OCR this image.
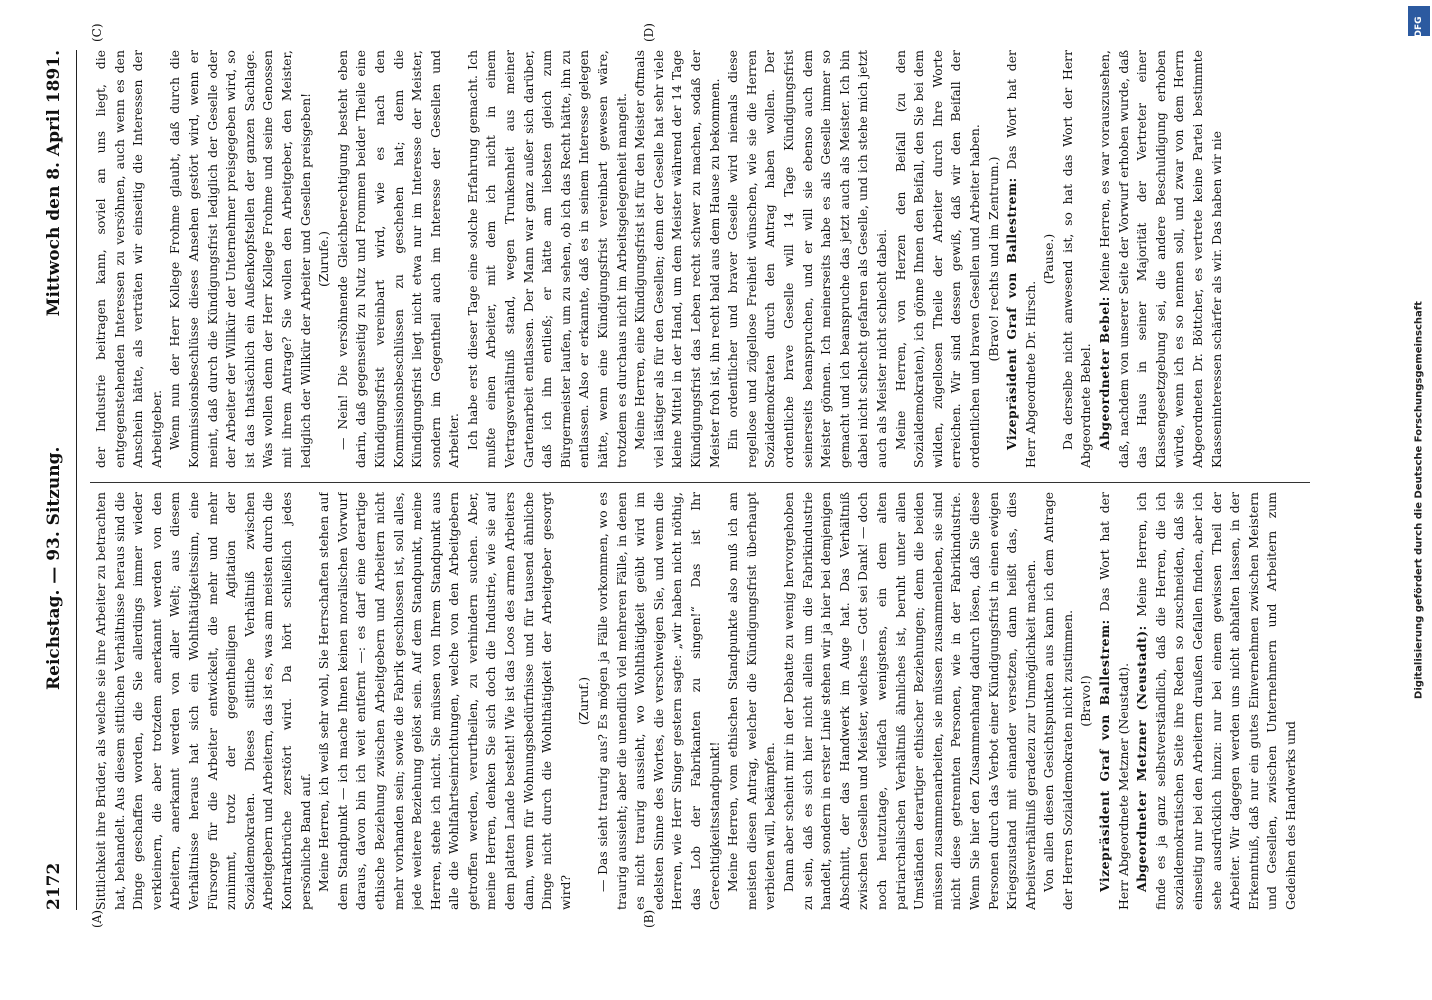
2172
Reichstag. — 93. Sitzung.
Mittwoch den 8. April 1891.
(A)	(B)
(C)	(D)

Sittlichkeit ihre Brüder, als welche sie ihre Arbeiter zu betrachten hat, behandelt. Aus diesem sittlichen Verhältnisse heraus sind die Dinge geschaffen worden, die Sie allerdings immer wieder verkleinern, die aber trotzdem anerkannt werden von den Arbeitern, anerkannt werden von aller Welt; aus diesem Verhältnisse heraus hat sich ein Wohlthätigkeitssinn, eine Fürsorge für die Arbeiter entwickelt, die mehr und mehr zunimmt, trotz der gegentheiligen Agitation der Sozialdemokraten. Dieses sittliche Verhältniß zwischen Arbeitgebern und Arbeitern, das ist es, was am meisten durch die Kontraktbrüche zerstört wird. Da hört schließlich jedes persönliche Band auf. Meine Herren, ich weiß sehr wohl, Sie Herrschaften stehen auf dem Standpunkt — ich mache Ihnen keinen moralischen Vorwurf daraus, davon bin ich weit entfernt —: es darf eine derartige ethische Beziehung zwischen Arbeitgebern und Arbeitern nicht mehr vorhanden sein; sowie die Fabrik geschlossen ist, soll alles, jede weitere Beziehung gelöst sein. Auf dem Standpunkt, meine Herren, stehe ich nicht. Sie müssen von Ihrem Standpunkt aus alle die Wohlfahrtseinrichtungen, welche von den Arbeitgebern getroffen werden, verurtheilen, zu verhindern suchen. Aber, meine Herren, denken Sie sich doch die Industrie, wie sie auf dem platten Lande besteht! Wie ist das Loos des armen Arbeiters dann, wenn für Wohnungsbedürfnisse und für tausend ähnliche Dinge nicht durch die Wohlthätigkeit der Arbeitgeber gesorgt wird?

(Zuruf.) — Das sieht traurig aus? Es mögen ja Fälle vorkommen, wo es traurig aussieht; aber die unendlich viel mehreren Fälle, in denen es nicht traurig aussieht, wo Wohlthätigkeit geübt wird im edelsten Sinne des Wortes, die verschweigen Sie, und wenn die Herren, wie Herr Singer gestern sagte: „wir haben nicht nöthig, das Lob der Fabrikanten zu singen!“ Das ist Ihr Gerechtigkeitsstandpunkt! Meine Herren, vom ethischen Standpunkte also muß ich am meisten diesen Antrag, welcher die Kündigungsfrist überhaupt verbieten will, bekämpfen. Dann aber scheint mir in der Debatte zu wenig hervorgehoben zu sein, daß es sich hier nicht allein um die Fabrikindustrie handelt, sondern in erster Linie stehen wir ja hier bei demjenigen Abschnitt, der das Handwerk im Auge hat. Das Verhältniß zwischen Gesellen und Meister, welches — Gott sei Dank! — doch noch heutzutage, vielfach wenigstens, ein dem alten patriarchalischen Verhältniß ähnliches ist, beruht unter allen Umständen derartiger ethischer Beziehungen; denn die beiden müssen zusammenarbeiten, sie müssen zusammenleben, sie sind nicht diese getrennten Personen, wie in der Fabrikindustrie. Wenn Sie hier den Zusammenhang dadurch lösen, daß Sie diese Personen durch das Verbot einer Kündigungsfrist in einen ewigen Kriegszustand mit einander versetzen, dann heißt das, dies Arbeitsverhältniß geradezu zur Unmöglichkeit machen. Von allen diesen Gesichtspunkten aus kann ich dem Antrage der Herren Sozialdemokraten nicht zustimmen. (Bravo!) Vizepräsident Graf von Ballestrem: Das Wort hat der Herr Abgeordnete Metzner (Neustadt). Abgeordneter Metzner (Neustadt): Meine Herren, ich finde es ja ganz selbstverständlich, daß die Herren, die ich sozialdemokratischen Seite ihre Reden so zuschneiden, daß sie einseitig nur bei den Arbeitern draußen Gefallen finden, aber ich sehe ausdrücklich hinzu: nur bei einem gewissen Theil der Arbeiter. Wir dagegen werden uns nicht abhalten lassen, in der Erkenntniß, daß nur ein gutes Einvernehmen zwischen Meistern und Gesellen, zwischen Unternehmern und Arbeitern zum Gedeihen des Handwerks und

der Industrie beitragen kann, soviel an uns liegt, die entgegenstehenden Interessen zu versöhnen, auch wenn es den Anschein hätte, als verträten wir einseitig die Interessen der Arbeitgeber. Wenn nun der Herr Kollege Frohme glaubt, daß durch die Kommissionsbeschlüsse dieses Ansehen gestört wird, wenn er meint, daß durch die Kündigungsfrist lediglich der Geselle oder der Arbeiter der Willkür der Unternehmer preisgegeben wird, so ist das thatsächlich ein Außenkopfstellen der ganzen Sachlage. Was wollen denn der Herr Kollege Frohme und seine Genossen mit ihrem Antrage? Sie wollen den Arbeitgeber, den Meister, lediglich der Willkür der Arbeiter und Gesellen preisgeben! (Zurufe.) — Nein! Die versöhnende Gleichberechtigung besteht eben darin, daß gegenseitig zu Nutz und Frommen beider Theile eine Kündigungsfrist vereinbart wird, wie es nach den Kommissionsbeschlüssen zu geschehen hat; denn die Kündigungsfrist liegt nicht etwa nur im Interesse der Meister, sondern im Gegentheil auch im Interesse der Gesellen und Arbeiter. Ich habe erst dieser Tage eine solche Erfahrung gemacht. Ich mußte einen Arbeiter, mit dem ich nicht in einem Vertragsverhältniß stand, wegen Trunkenheit aus meiner Gartenarbeit entlassen. Der Mann war ganz außer sich darüber, daß ich ihn entließ; er hätte am liebsten gleich zum Bürgermeister laufen, um zu sehen, ob ich das Recht hätte, ihn zu entlassen. Also er erkannte, daß es in seinem Interesse gelegen hätte, wenn eine Kündigungsfrist vereinbart gewesen wäre, trotzdem es durchaus nicht im Arbeitsgelegenheit mangelt. Meine Herren, eine Kündigungsfrist ist für den Meister oftmals viel lästiger als für den Gesellen; denn der Geselle hat sehr viele kleine Mittel in der Hand, um dem Meister während der 14 Tage Kündigungsfrist das Leben recht schwer zu machen, sodaß der Meister froh ist, ihn recht bald aus dem Hause zu bekommen. Ein ordentlicher und braver Geselle wird niemals diese regellose und zügellose Freiheit wünschen, wie sie die Herren Sozialdemokraten durch den Antrag haben wollen. Der ordentliche brave Geselle will 14 Tage Kündigungsfrist seinerseits beanspruchen, und er will sie ebenso auch dem Meister gönnen. Ich meinerseits habe es als Geselle immer so gemacht und ich beanspruche das jetzt auch als Meister. Ich bin dabei nicht schlecht gefahren als Geselle, und ich stehe mich jetzt auch als Meister nicht schlecht dabei. Meine Herren, von Herzen den Beifall (zu den Sozialdemokraten), ich gönne Ihnen den Beifall, den Sie bei dem wilden, zügellosen Theile der Arbeiter durch Ihre Worte erreichen. Wir sind dessen gewiß, daß wir den Beifall der ordentlichen und braven Gesellen und Arbeiter haben. (Bravo! rechts und im Zentrum.) Vizepräsident Graf von Ballestrem: Das Wort hat der Herr Abgeordnete Dr. Hirsch.

(Pause.) Da derselbe nicht anwesend ist, so hat das Wort der Herr Abgeordnete Bebel. Abgeordneter Bebel: Meine Herren, es war vorauszusehen, daß, nachdem von unserer Seite der Vorwurf erhoben wurde, daß das Haus in seiner Majorität der Vertreter einer Klassengesetzgebung sei, die andere Beschuldigung erhoben würde, wenn ich es so nennen soll, und zwar von dem Herrn Abgeordneten Dr. Böttcher, es vertrete keine Partei bestimmte Klasseninteressen schärfer als wir. Das haben wir nie

DFG
Digitalisierung gefördert durch die Deutsche Forschungsgemeinschaft
